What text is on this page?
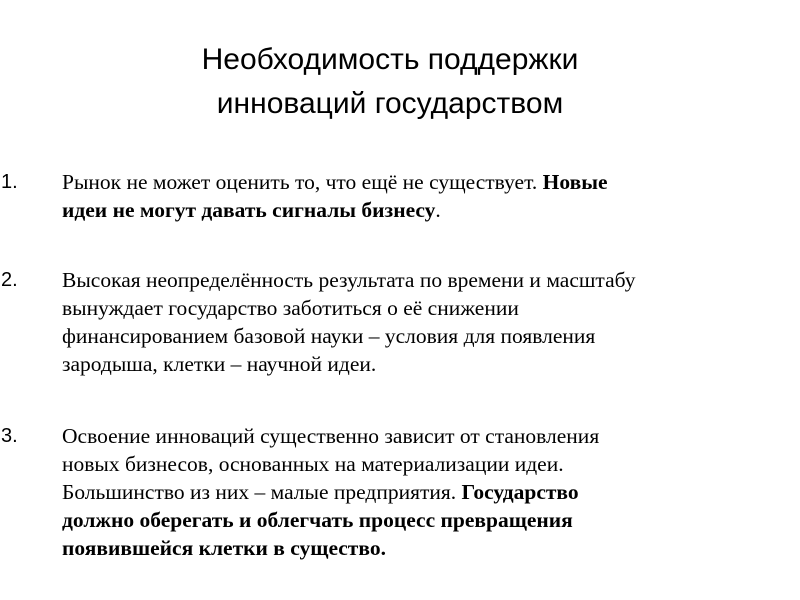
Необходимость поддержки
инноваций государством
1. Рынок не может оценить то, что ещё не существует. Новые
идеи не могут давать сигналы бизнесу.
2. Высокая неопределённость результата по времени и масштабу
вынуждает государство заботиться о её снижении
финансированием базовой науки – условия для появления
зародыша, клетки – научной идеи.
3. Освоение инноваций существенно зависит от становления
новых бизнесов, основанных на материализации идеи.
Большинство из них – малые предприятия. Государство
должно оберегать и облегчать процесс превращения
появившейся клетки в существо.
